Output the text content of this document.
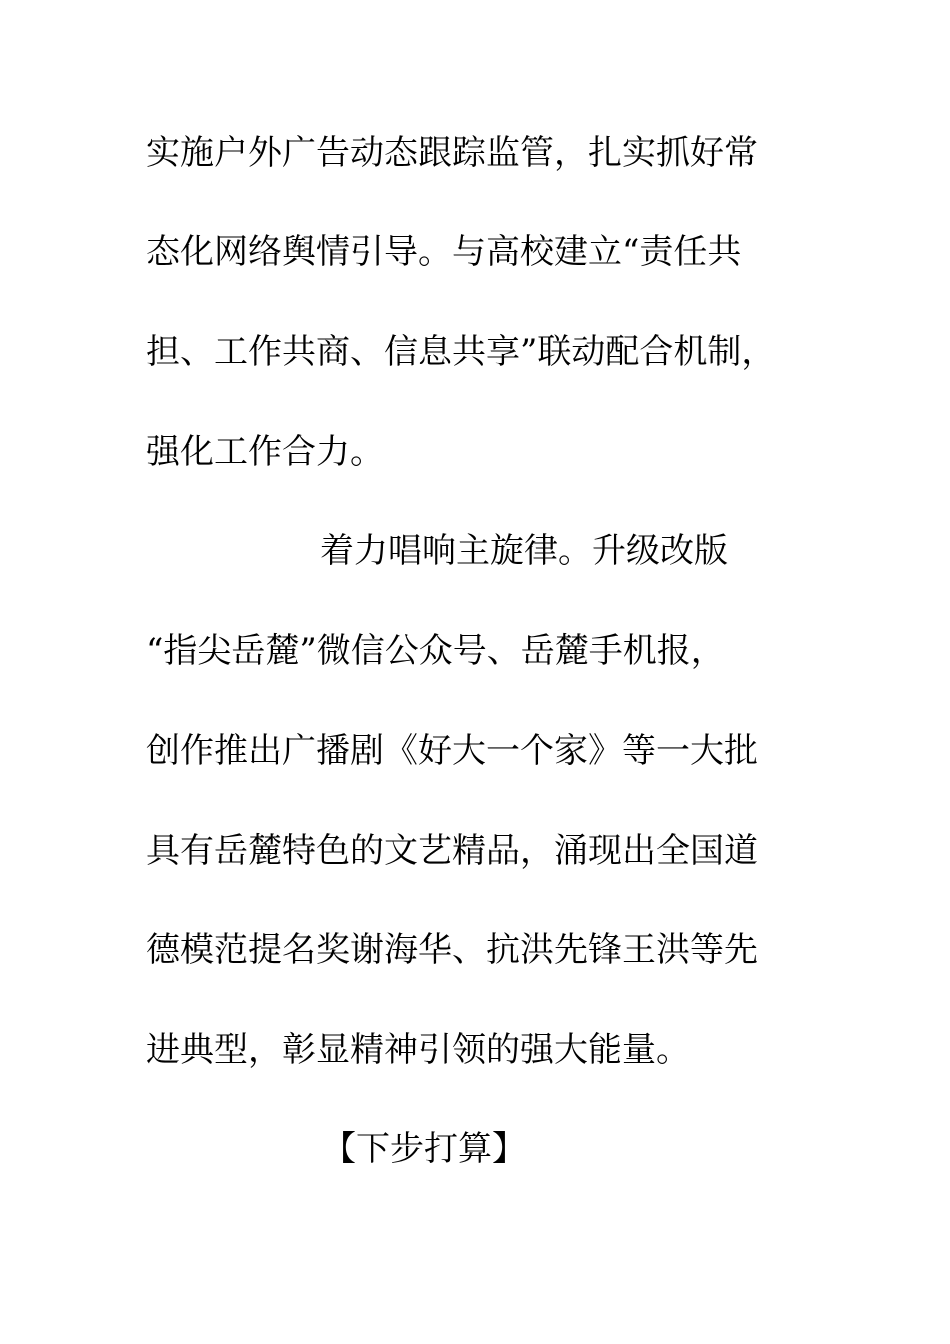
实施户外广告动态跟踪监管，扎实抓好常
态化网络舆情引导。与高校建立“责任共
担、工作共商、信息共享”联动配合机制，
强化工作合力。
着力唱响主旋律。升级改版
“指尖岳麓”微信公众号、岳麓手机报，
创作推出广播剧《好大一个家》等一大批
具有岳麓特色的文艺精品，涌现出全国道
德模范提名奖谢海华、抗洪先锋王洪等先
进典型，彰显精神引领的强大能量。
【下步打算】
